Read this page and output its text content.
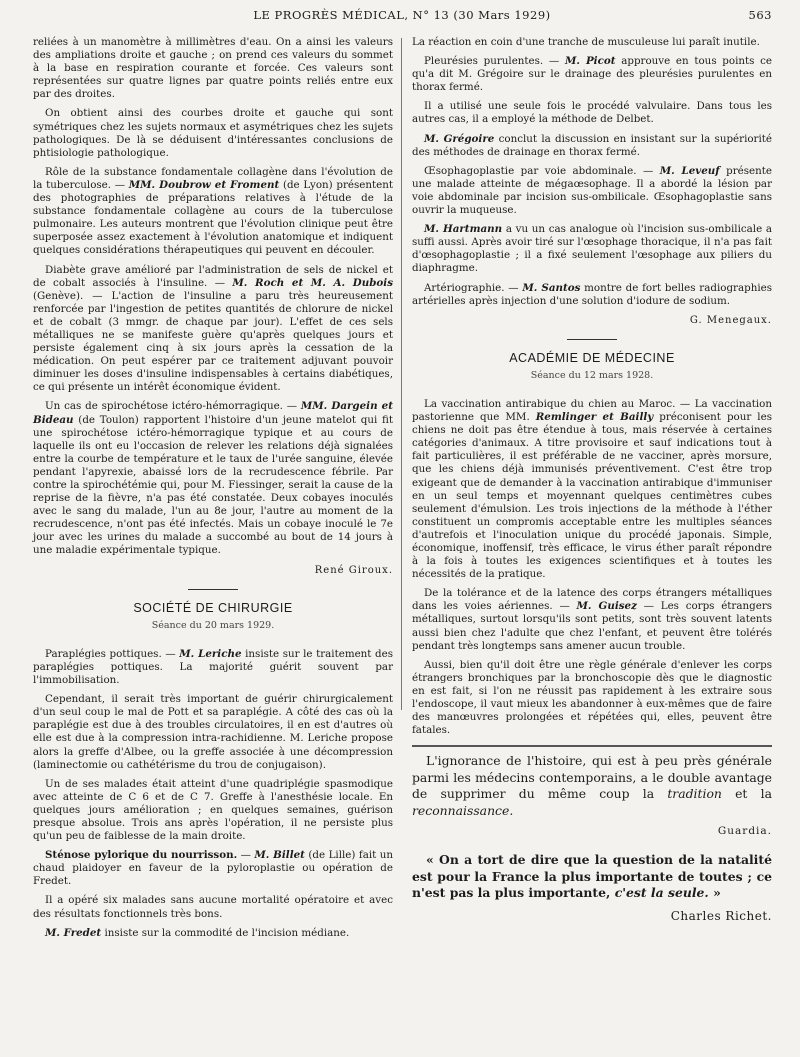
LE PROGRÈS MÉDICAL, N° 13 (30 Mars 1929)	563

reliées à un manomètre à millimètres d'eau. On a ainsi les valeurs des ampliations droite et gauche ; on prend ces valeurs du sommet à la base en respiration courante et forcée. Ces valeurs sont représentées sur quatre lignes par quatre points reliés entre eux par des droites.

On obtient ainsi des courbes droite et gauche qui sont symétriques chez les sujets normaux et asymétriques chez les sujets pathologiques. De là se déduisent d'intéressantes conclusions de phtisiologie pathologique.

Rôle de la substance fondamentale collagène dans l'évolution de la tuberculose. — MM. Doubrow et Froment (de Lyon) présentent des photographies de préparations relatives à l'étude de la substance fondamentale collagène au cours de la tuberculose pulmonaire. Les auteurs montrent que l'évolution clinique peut être superposée assez exactement à l'évolution anatomique et indiquent quelques considérations thérapeutiques qui peuvent en découler.

Diabète grave amélioré par l'administration de sels de nickel et de cobalt associés à l'insuline. — M. Roch et M. A. Dubois (Genève). — L'action de l'insuline a paru très heureusement renforcée par l'ingestion de petites quantités de chlorure de nickel et de cobalt (3 mmgr. de chaque par jour). L'effet de ces sels métalliques ne se manifeste guère qu'après quelques jours et persiste également cinq à six jours après la cessation de la médication. On peut espérer par ce traitement adjuvant pouvoir diminuer les doses d'insuline indispensables à certains diabétiques, ce qui présente un intérêt économique évident.

Un cas de spirochétose ictéro-hémorragique. — MM. Dargein et Bideau (de Toulon) rapportent l'histoire d'un jeune matelot qui fit une spirochétose ictéro-hémorragique typique et au cours de laquelle ils ont eu l'occasion de relever les relations déjà signalées entre la courbe de température et le taux de l'urée sanguine, élevée pendant l'apyrexie, abaissé lors de la recrudescence fébrile. Par contre la spirochétémie qui, pour M. Fiessinger, serait la cause de la reprise de la fièvre, n'a pas été constatée. Deux cobayes inoculés avec le sang du malade, l'un au 8e jour, l'autre au moment de la recrudescence, n'ont pas été infectés. Mais un cobaye inoculé le 7e jour avec les urines du malade a succombé au bout de 14 jours à une maladie expérimentale typique.

René Giroux.
SOCIÉTÉ DE CHIRURGIE
Séance du 20 mars 1929.

Paraplégies pottiques. — M. Leriche insiste sur le traitement des paraplégies pottiques. La majorité guérit souvent par l'immobilisation.

Cependant, il serait très important de guérir chirurgicalement d'un seul coup le mal de Pott et sa paraplégie. A côté des cas où la paraplégie est due à des troubles circulatoires, il en est d'autres où elle est due à la compression intra-rachidienne. M. Leriche propose alors la greffe d'Albee, ou la greffe associée à une décompression (laminectomie ou cathétérisme du trou de conjugaison).

Un de ses malades était atteint d'une quadriplégie spasmodique avec atteinte de C 6 et de C 7. Greffe à l'anesthésie locale. En quelques jours amélioration ; en quelques semaines, guérison presque absolue. Trois ans après l'opération, il ne persiste plus qu'un peu de faiblesse de la main droite.

Sténose pylorique du nourrisson. — M. Billet (de Lille) fait un chaud plaidoyer en faveur de la pyloroplastie ou opération de Fredet.

Il a opéré six malades sans aucune mortalité opératoire et avec des résultats fonctionnels très bons.

M. Fredet insiste sur la commodité de l'incision médiane.

La réaction en coin d'une tranche de musculeuse lui paraît inutile.

Pleurésies purulentes. — M. Picot approuve en tous points ce qu'a dit M. Grégoire sur le drainage des pleurésies purulentes en thorax fermé.

Il a utilisé une seule fois le procédé valvulaire. Dans tous les autres cas, il a employé la méthode de Delbet.

M. Grégoire conclut la discussion en insistant sur la supériorité des méthodes de drainage en thorax fermé.

Œsophagoplastie par voie abdominale. — M. Leveuf présente une malade atteinte de mégaœsophage. Il a abordé la lésion par voie abdominale par incision sus-ombilicale. Œsophagoplastie sans ouvrir la muqueuse.

M. Hartmann a vu un cas analogue où l'incision sus-ombilicale a suffi aussi. Après avoir tiré sur l'œsophage thoracique, il n'a pas fait d'œsophagoplastie ; il a fixé seulement l'œsophage aux piliers du diaphragme.

Artériographie. — M. Santos montre de fort belles radiographies artérielles après injection d'une solution d'iodure de sodium.

G. Menegaux.
ACADÉMIE DE MÉDECINE
Séance du 12 mars 1928.

La vaccination antirabique du chien au Maroc. — La vaccination pastorienne que MM. Remlinger et Bailly préconisent pour les chiens ne doit pas être étendue à tous, mais réservée à certaines catégories d'animaux. A titre provisoire et sauf indications tout à fait particulières, il est préférable de ne vacciner, après morsure, que les chiens déjà immunisés préventivement. C'est être trop exigeant que de demander à la vaccination antirabique d'immuniser en un seul temps et moyennant quelques centimètres cubes seulement d'émulsion. Les trois injections de la méthode à l'éther constituent un compromis acceptable entre les multiples séances d'autrefois et l'inoculation unique du procédé japonais. Simple, économique, inoffensif, très efficace, le virus éther paraît répondre à la fois à toutes les exigences scientifiques et à toutes les nécessités de la pratique.

De la tolérance et de la latence des corps étrangers métalliques dans les voies aériennes. — M. Guisez — Les corps étrangers métalliques, surtout lorsqu'ils sont petits, sont très souvent latents aussi bien chez l'adulte que chez l'enfant, et peuvent être tolérés pendant très longtemps sans amener aucun trouble.

Aussi, bien qu'il doit être une règle générale d'enlever les corps étrangers bronchiques par la bronchoscopie dès que le diagnostic en est fait, si l'on ne réussit pas rapidement à les extraire sous l'endoscope, il vaut mieux les abandonner à eux-mêmes que de faire des manœuvres prolongées et répétées qui, elles, peuvent être fatales.

L'ignorance de l'histoire, qui est à peu près générale parmi les médecins contemporains, a le double avantage de supprimer du même coup la tradition et la reconnaissance.

Guardia.

« On a tort de dire que la question de la natalité est pour la France la plus importante de toutes ; ce n'est pas la plus importante, c'est la seule. »

Charles Richet.
